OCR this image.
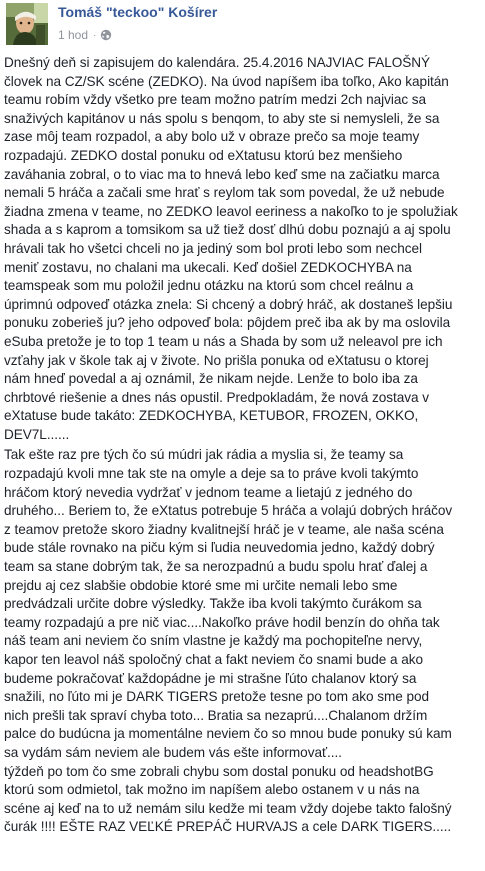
Tomáš "teckoo" Košírer
1 hod ·

Dnešný deň si zapisujem do kalendára. 25.4.2016 NAJVIAC FALOŠNÝ
človek na CZ/SK scéne (ZEDKO). Na úvod napíšem iba toľko, Ako kapitán
teamu robím vždy všetko pre team možno patrím medzi 2ch najviac sa
snaživých kapitánov u nás spolu s benqom, to aby ste si nemysleli, že sa
zase môj team rozpadol, a aby bolo už v obraze prečo sa moje teamy
rozpadajú. ZEDKO dostal ponuku od eXtatusu ktorú bez menšieho
zaváhania zobral, o to viac ma to hnevá lebo keď sme na začiatku marca
nemali 5 hráča a začali sme hrať s reylom tak som povedal, že už nebude
žiadna zmena v teame, no ZEDKO leavol eeriness a nakoľko to je spolužiak
shada a s kaprom a tomsikom sa už tiež dosť dlhú dobu poznajú a aj spolu
hrávali tak ho všetci chceli no ja jediný som bol proti lebo som nechcel
meniť zostavu, no chalani ma ukecali. Keď došiel ZEDKOCHYBA na
teamspeak som mu položil jednu otázku na ktorú som chcel reálnu a
úprimnú odpoveď otázka znela: Si chcený a dobrý hráč, ak dostaneš lepšiu
ponuku zoberieš ju? jeho odpoveď bola: pôjdem preč iba ak by ma oslovila
eSuba pretože je to top 1 team u nás a Shada by som už neleavol pre ich
vzťahy jak v škole tak aj v živote. No prišla ponuka od eXtatusu o ktorej
nám hneď povedal a aj oznámil, že nikam nejde. Lenže to bolo iba za
chrbtové riešenie a dnes nás opustil. Predpokladám, že nová zostava v
eXtatuse bude takáto: ZEDKOCHYBA, KETUBOR, FROZEN, OKKO,
DEV7L......

Tak ešte raz pre tých čo sú múdri jak rádia a myslia si, že teamy sa
rozpadajú kvoli mne tak ste na omyle a deje sa to práve kvoli takýmto
hráčom ktorý nevedia vydržať v jednom teame a lietajú z jedného do
druhého... Beriem to, že eXtatus potrebuje 5 hráča a volajú dobrých hráčov
z teamov pretože skoro žiadny kvalitnejší hráč je v teame, ale naša scéna
bude stále rovnako na piču kým si ľudia neuvedomia jedno, každý dobrý
team sa stane dobrým tak, že sa nerozpadnú a budu spolu hrať ďalej a
prejdu aj cez slabšie obdobie ktoré sme mi určite nemali lebo sme
predvádzali určite dobre výsledky. Takže iba kvoli takýmto čurákom sa
teamy rozpadajú a pre nič viac....Nakoľko práve hodil benzín do ohňa tak
náš team ani neviem čo sním vlastne je každý ma pochopiteľne nervy,
kapor ten leavol náš spoločný chat a fakt neviem čo snami bude a ako
budeme pokračovať každopádne je mi strašne ľúto chalanov ktorý sa
snažili, no ľúto mi je DARK TIGERS pretože tesne po tom ako sme pod
nich prešli tak spraví chyba toto... Bratia sa nezaprú....Chalanom držím
palce do budúcna ja momentálne neviem čo so mnou bude ponuky sú kam
sa vydám sám neviem ale budem vás ešte informovať....
týždeň po tom čo sme zobrali chybu som dostal ponuku od headshotBG
ktorú som odmietol, tak možno im napíšem alebo ostanem v u nás na
scéne aj keď na to už nemám silu kedže mi team vždy dojebe takto falošný
čurák !!!! EŠTE RAZ VEĽKÉ PREPÁČ HURVAJS a cele DARK TIGERS.....
